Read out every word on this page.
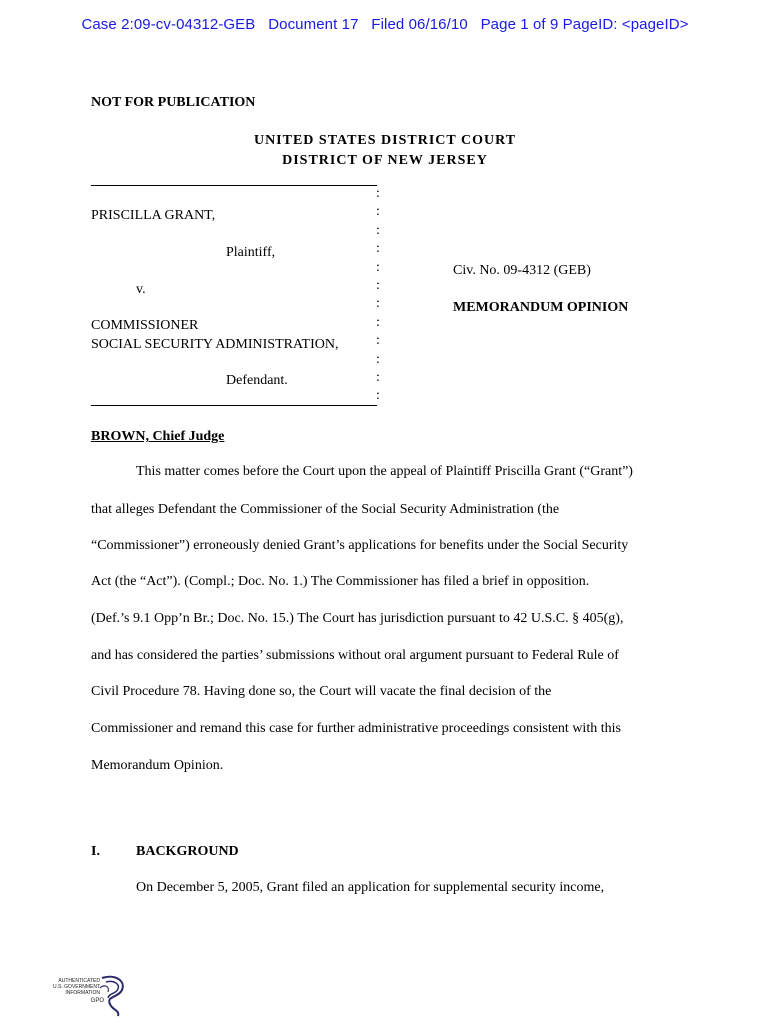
Case 2:09-cv-04312-GEB   Document 17   Filed 06/16/10   Page 1 of 9 PageID: <pageID>
NOT FOR PUBLICATION
UNITED STATES DISTRICT COURT
DISTRICT OF NEW JERSEY
:
:
:
:
:
:
:
:
:
:
:
:
PRISCILLA GRANT,
Plaintiff,
v.
COMMISSIONER
SOCIAL SECURITY ADMINISTRATION,
Defendant.
Civ. No. 09-4312 (GEB)
MEMORANDUM OPINION
BROWN, Chief Judge
This matter comes before the Court upon the appeal of Plaintiff Priscilla Grant (“Grant”)
that alleges Defendant the Commissioner of the Social Security Administration (the
“Commissioner”) erroneously denied Grant’s applications for benefits under the Social Security
Act (the “Act”). (Compl.; Doc. No. 1.) The Commissioner has filed a brief in opposition.
(Def.’s 9.1 Opp’n Br.; Doc. No. 15.) The Court has jurisdiction pursuant to 42 U.S.C. § 405(g),
and has considered the parties’ submissions without oral argument pursuant to Federal Rule of
Civil Procedure 78. Having done so, the Court will vacate the final decision of the
Commissioner and remand this case for further administrative proceedings consistent with this
Memorandum Opinion.
I.	BACKGROUND
On December 5, 2005, Grant filed an application for supplemental security income,
AUTHENTICATED
U.S. GOVERNMENT
INFORMATION
GPO
